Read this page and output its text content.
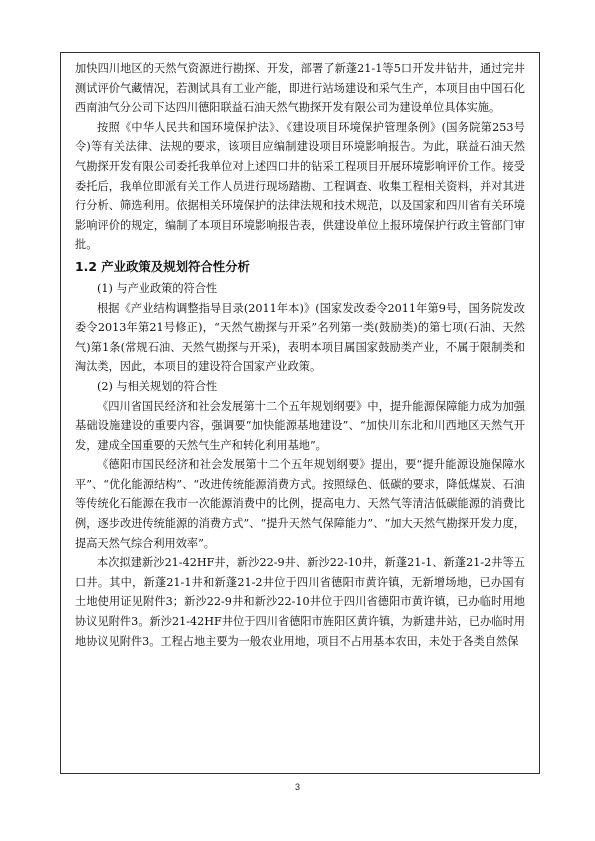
加快四川地区的天然气资源进行勘探、开发，部署了新蓬21-1等5口开发井钻井，通过完井测试评价气藏情况，若测试具有工业产能，即进行站场建设和采气生产，本项目由中国石化西南油气分公司下达四川德阳联益石油天然气勘探开发有限公司为建设单位具体实施。

按照《中华人民共和国环境保护法》、《建设项目环境保护管理条例》(国务院第253号令)等有关法律、法规的要求，该项目应编制建设项目环境影响报告。为此，联益石油天然气勘探开发有限公司委托我单位对上述四口井的钻采工程项目开展环境影响评价工作。接受委托后，我单位即派有关工作人员进行现场踏勘、工程调查、收集工程相关资料，并对其进行分析、筛选利用。依据相关环境保护的法律法规和技术规范，以及国家和四川省有关环境影响评价的规定，编制了本项目环境影响报告表，供建设单位上报环境保护行政主管部门审批。

1.2 产业政策及规划符合性分析
(1) 与产业政策的符合性

根据《产业结构调整指导目录(2011年本)》(国家发改委令2011年第9号，国务院发改委令2013年第21号修正)，“天然气勘探与开采”名列第一类(鼓励类)的第七项(石油、天然气)第1条(常规石油、天然气勘探与开采)，表明本项目属国家鼓励类产业，不属于限制类和淘汰类，因此，本项目的建设符合国家产业政策。

(2) 与相关规划的符合性

《四川省国民经济和社会发展第十二个五年规划纲要》中，提升能源保障能力成为加强基础设施建设的重要内容，强调要“加快能源基地建设”、“加快川东北和川西地区天然气开发，建成全国重要的天然气生产和转化利用基地”。

《德阳市国民经济和社会发展第十二个五年规划纲要》提出，要“提升能源设施保障水平”、“优化能源结构”、“改进传统能源消费方式。按照绿色、低碳的要求，降低煤炭、石油等传统化石能源在我市一次能源消费中的比例，提高电力、天然气等清洁低碳能源的消费比例，逐步改进传统能源的消费方式”、“提升天然气保障能力”、“加大天然气勘探开发力度，提高天然气综合利用效率”。

本次拟建新沙21-42HF井，新沙22-9井、新沙22-10井，新蓬21-1、新蓬21-2井等五口井。其中，新蓬21-1井和新蓬21-2井位于四川省德阳市黄许镇，无新增场地，已办国有土地使用证见附件3；新沙22-9井和新沙22-10井位于四川省德阳市黄许镇，已办临时用地协议见附件3。新沙21-42HF井位于四川省德阳市旌阳区黄许镇，为新建井站，已办临时用地协议见附件3。工程占地主要为一般农业用地，项目不占用基本农田，未处于各类自然保

3
